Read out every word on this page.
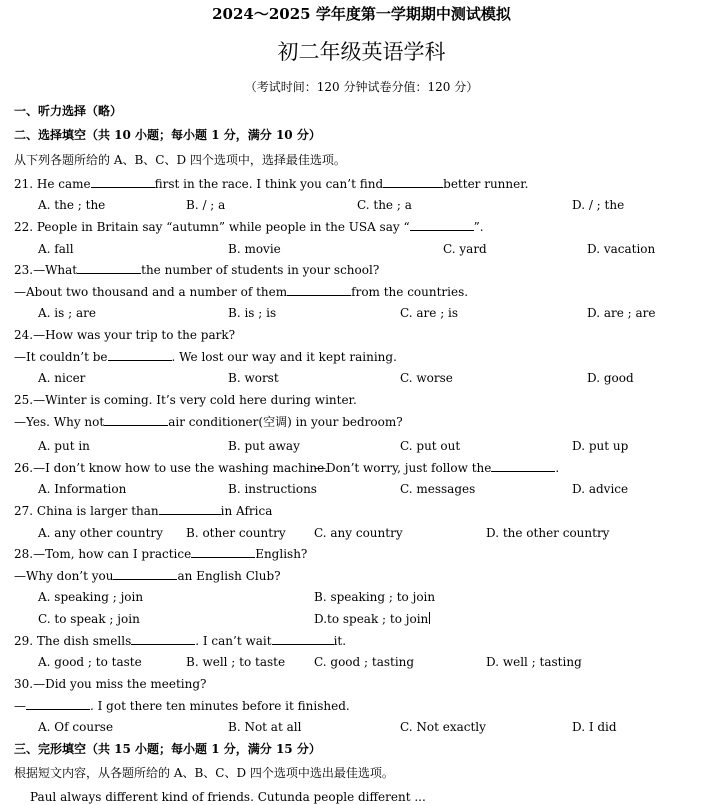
2024～2025 学年度第一学期期中测试模拟
初二年级英语学科
（考试时间：120 分钟试卷分值：120 分）
一、听力选择（略）
二、选择填空（共 10 小题；每小题 1 分，满分 10 分）
从下列各题所给的 A、B、C、D 四个选项中，选择最佳选项。
21. He came	first in the race. I think you can’t find	better runner.
A. the ; the	B. / ; a	C. the ; a	D. / ; the
22. People in Britain say “autumn” while people in the USA say “	”.
A. fall	B. movie	C. yard	D. vacation
23.—What	the number of students in your school?
—About two thousand and a number of them	from the countries.
A. is ; are	B. is ; is	C. are ; is	D. are ; are
24.—How was your trip to the park?
—It couldn’t be	. We lost our way and it kept raining.
A. nicer	B. worst	C. worse	D. good
25.—Winter is coming. It’s very cold here during winter.
—Yes. Why not	air conditioner(空调) in your bedroom?
A. put in	B. put away	C. put out	D. put up
26.—I don’t know how to use the washing machine.
—Don’t worry, just follow the	.
A. Information	B. instructions	C. messages	D. advice
27. China is larger than	in Africa
A. any other country B. other country C. any country	D. the other country
28.—Tom, how can I practice	English?
—Why don’t you	an English Club?
A. speaking ; join	B. speaking ; to join
C. to speak ; join	D.to speak ; to join
29. The dish smells	. I can’t wait	it.
A. good ; to taste	B. well ; to taste C. good ; tasting	D. well ; tasting
30.—Did you miss the meeting?
—	. I got there ten minutes before it finished.
A. Of course	B. Not at all	C. Not exactly	D. I did
三、完形填空（共 15 小题；每小题 1 分，满分 15 分）
根据短文内容，从各题所给的 A、B、C、D 四个选项中选出最佳选项。
Paul always different kind of friends. Cutunda people different ...
